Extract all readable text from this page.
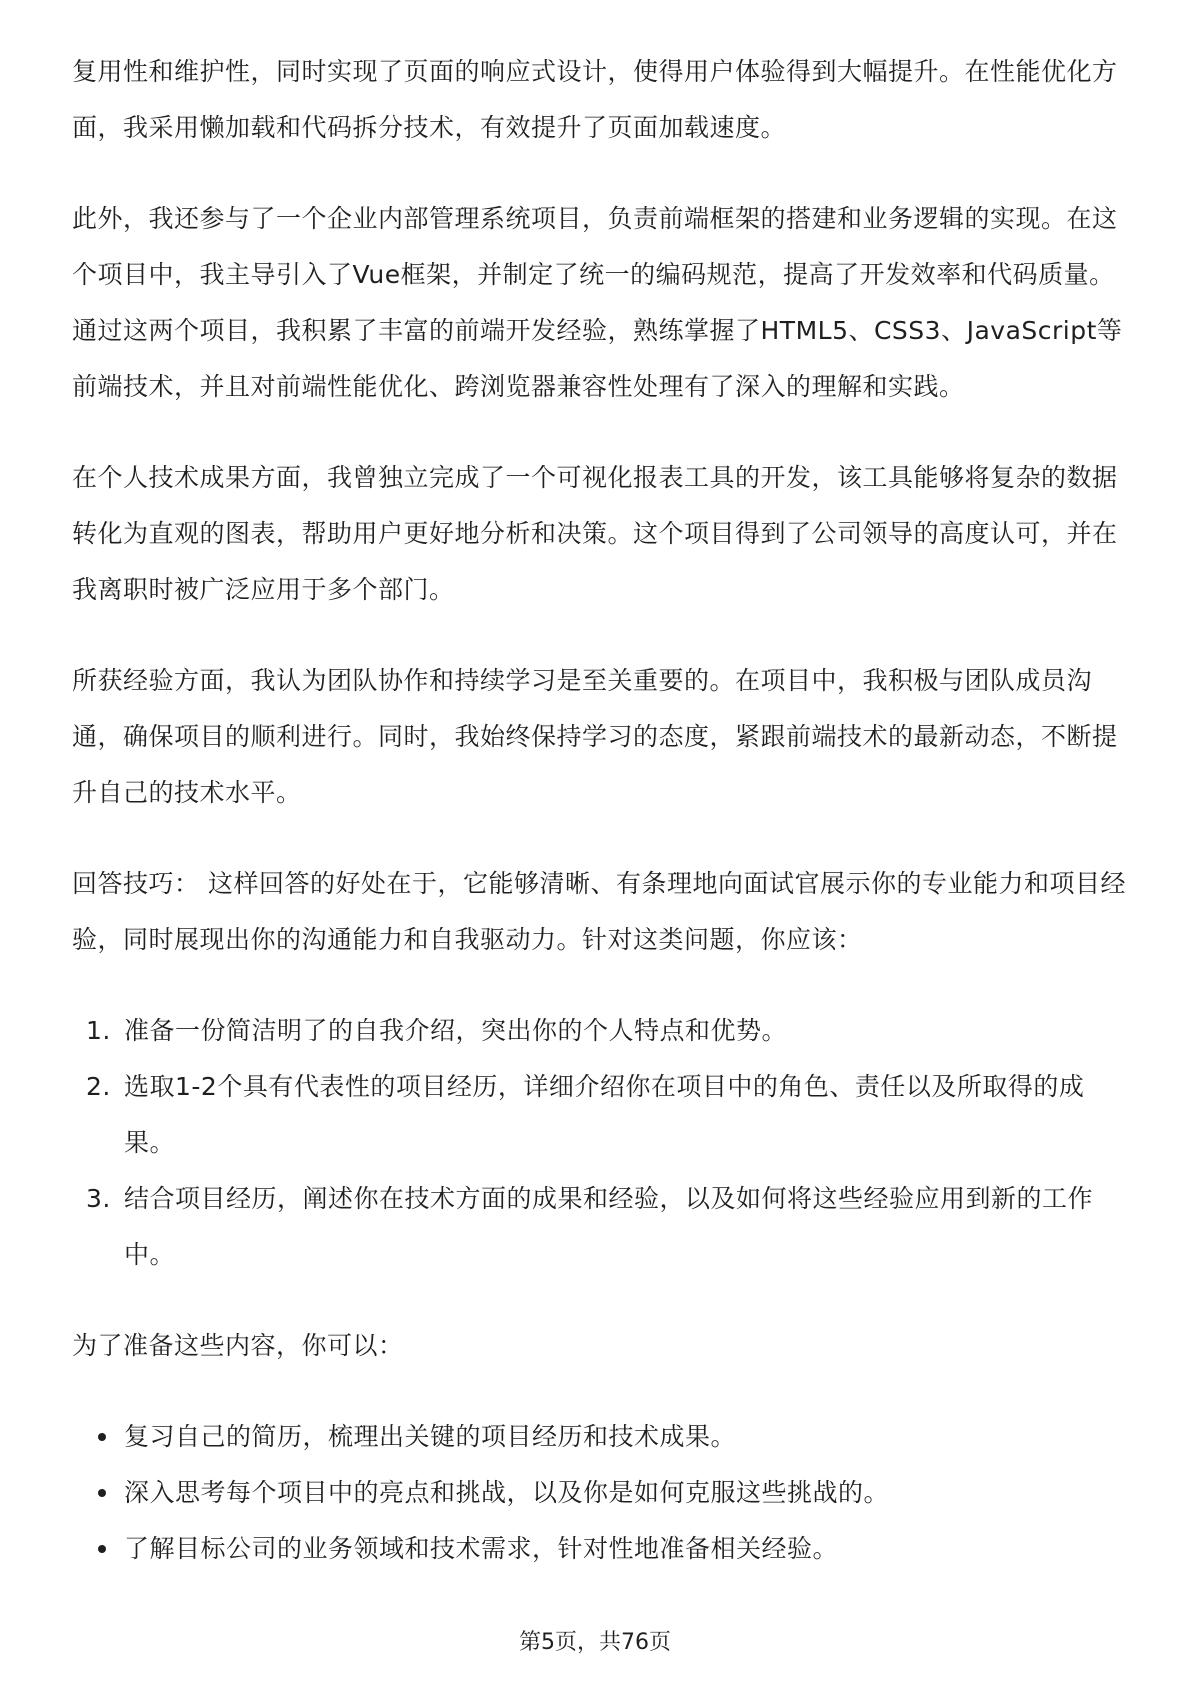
复用性和维护性，同时实现了页面的响应式设计，使得用户体验得到大幅提升。在性能优化方面，我采用懒加载和代码拆分技术，有效提升了页面加载速度。

此外，我还参与了一个企业内部管理系统项目，负责前端框架的搭建和业务逻辑的实现。在这个项目中，我主导引入了Vue框架，并制定了统一的编码规范，提高了开发效率和代码质量。通过这两个项目，我积累了丰富的前端开发经验，熟练掌握了HTML5、CSS3、JavaScript等前端技术，并且对前端性能优化、跨浏览器兼容性处理有了深入的理解和实践。

在个人技术成果方面，我曾独立完成了一个可视化报表工具的开发，该工具能够将复杂的数据转化为直观的图表，帮助用户更好地分析和决策。这个项目得到了公司领导的高度认可，并在我离职时被广泛应用于多个部门。

所获经验方面，我认为团队协作和持续学习是至关重要的。在项目中，我积极与团队成员沟通，确保项目的顺利进行。同时，我始终保持学习的态度，紧跟前端技术的最新动态，不断提升自己的技术水平。

回答技巧： 这样回答的好处在于，它能够清晰、有条理地向面试官展示你的专业能力和项目经验，同时展现出你的沟通能力和自我驱动力。针对这类问题，你应该：

1. 准备一份简洁明了的自我介绍，突出你的个人特点和优势。
2. 选取1-2个具有代表性的项目经历，详细介绍你在项目中的角色、责任以及所取得的成果。
3. 结合项目经历，阐述你在技术方面的成果和经验，以及如何将这些经验应用到新的工作中。

为了准备这些内容，你可以：

复习自己的简历，梳理出关键的项目经历和技术成果。
深入思考每个项目中的亮点和挑战，以及你是如何克服这些挑战的。
了解目标公司的业务领域和技术需求，针对性地准备相关经验。
第5页，共76页
